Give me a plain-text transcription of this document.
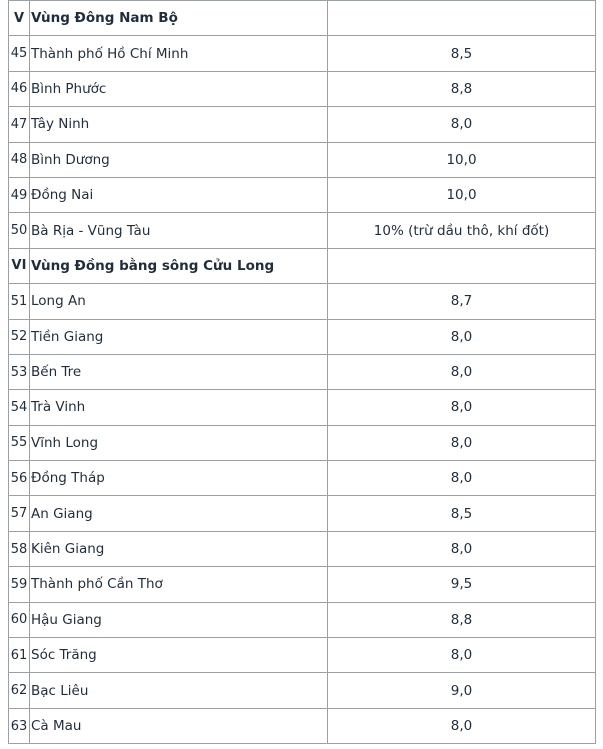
V	Vùng Đông Nam Bộ	
45	Thành phố Hồ Chí Minh	8,5
46	Bình Phước	8,8
47	Tây Ninh	8,0
48	Bình Dương	10,0
49	Đồng Nai	10,0
50	Bà Rịa - Vũng Tàu	10% (trừ dầu thô, khí đốt)
VI	Vùng Đồng bằng sông Cửu Long	
51	Long An	8,7
52	Tiền Giang	8,0
53	Bến Tre	8,0
54	Trà Vinh	8,0
55	Vĩnh Long	8,0
56	Đồng Tháp	8,0
57	An Giang	8,5
58	Kiên Giang	8,0
59	Thành phố Cần Thơ	9,5
60	Hậu Giang	8,8
61	Sóc Trăng	8,0
62	Bạc Liêu	9,0
63	Cà Mau	8,0
